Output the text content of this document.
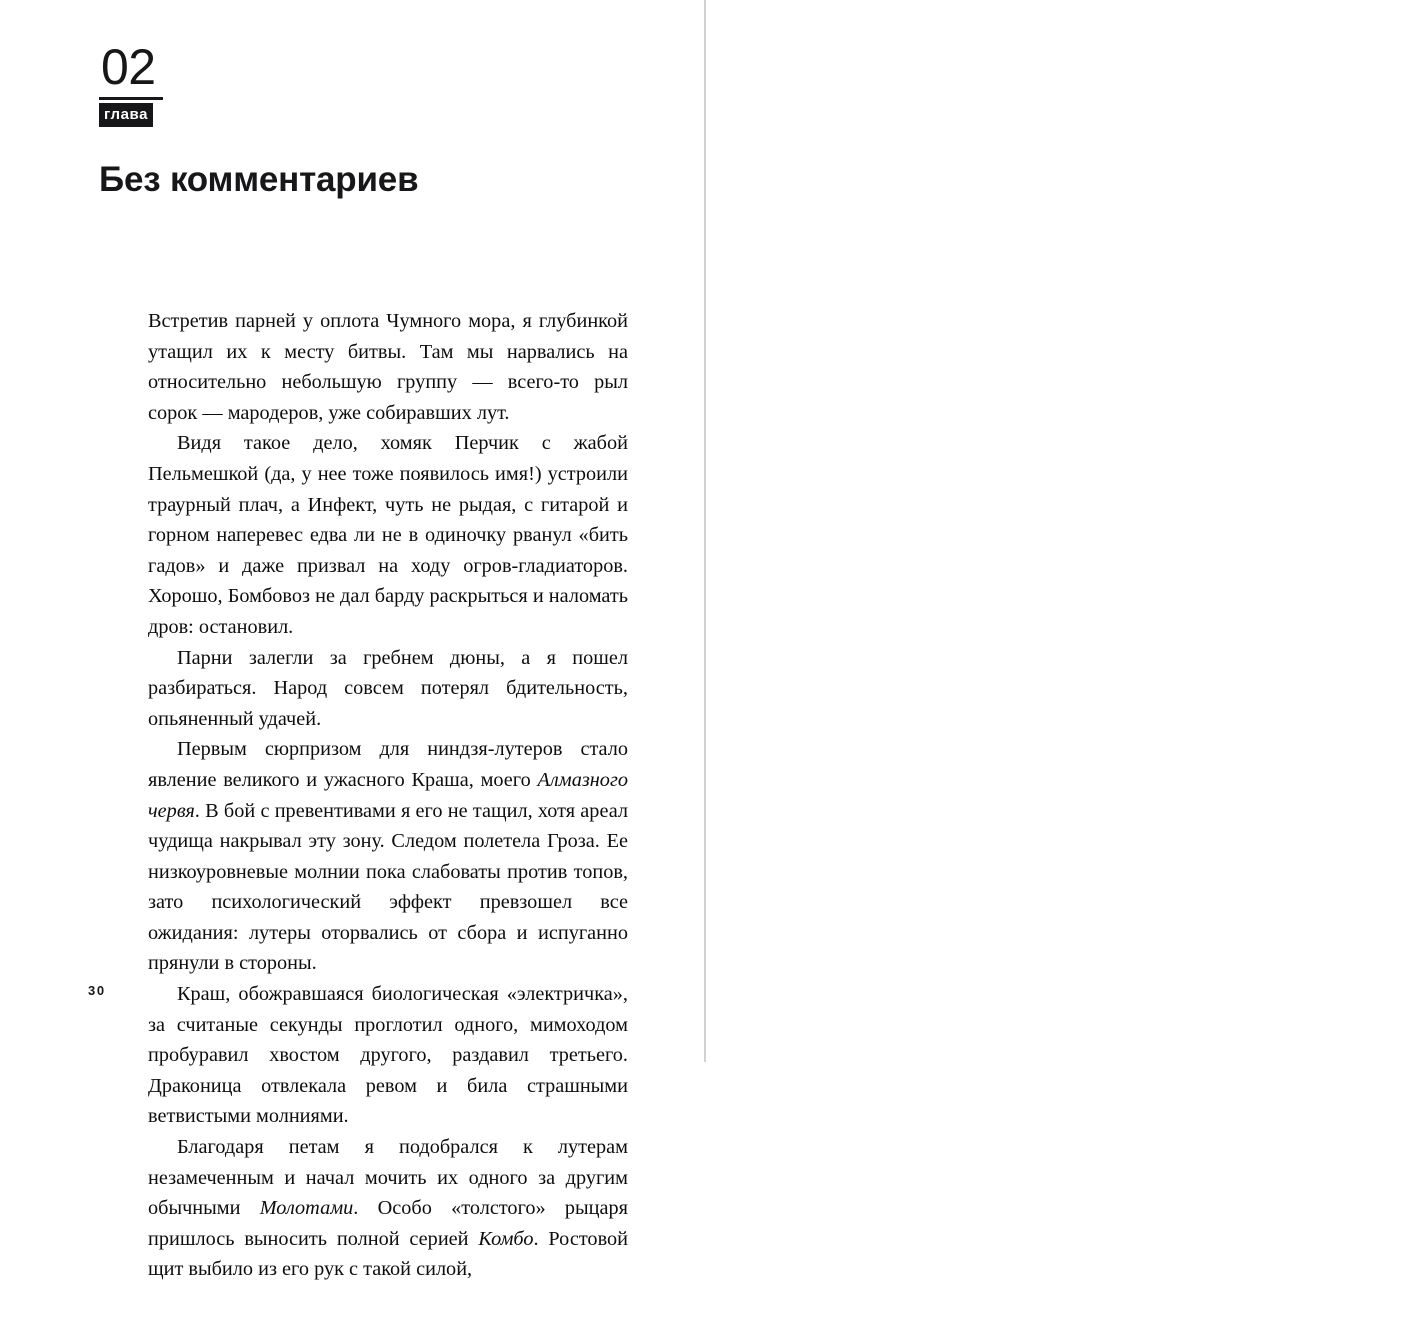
02
глава
Без комментариев

Встретив парней у оплота Чумного мора, я глубинкой утащил их к месту битвы. Там мы нарвались на относительно небольшую группу — всего-то рыл сорок — мародеров, уже собиравших лут.

Видя такое дело, хомяк Перчик с жабой Пельмешкой (да, у нее тоже появилось имя!) устроили траурный плач, а Инфект, чуть не рыдая, с гитарой и горном наперевес едва ли не в одиночку рванул «бить гадов» и даже призвал на ходу огров-гладиаторов. Хорошо, Бомбовоз не дал барду раскрыться и наломать дров: остановил.

Парни залегли за гребнем дюны, а я пошел разбираться. Народ совсем потерял бдительность, опьяненный удачей.

Первым сюрпризом для ниндзя-лутеров стало явление великого и ужасного Краша, моего Алмазного червя. В бой с превентивами я его не тащил, хотя ареал чудища накрывал эту зону. Следом полетела Гроза. Ее низкоуровневые молнии пока слабоваты против топов, зато психологический эффект превзошел все ожидания: лутеры оторвались от сбора и испуганно прянули в стороны.

Краш, обожравшаяся биологическая «электричка», за считаные секунды проглотил одного, мимоходом пробуравил хвостом другого, раздавил третьего. Драконица отвлекала ревом и била страшными ветвистыми молниями.

Благодаря петам я подобрался к лутерам незамеченным и начал мочить их одного за другим обычными Молотами. Особо «толстого» рыцаря пришлось выносить полной серией Комбо. Ростовой щит выбило из его рук с такой силой,

30
